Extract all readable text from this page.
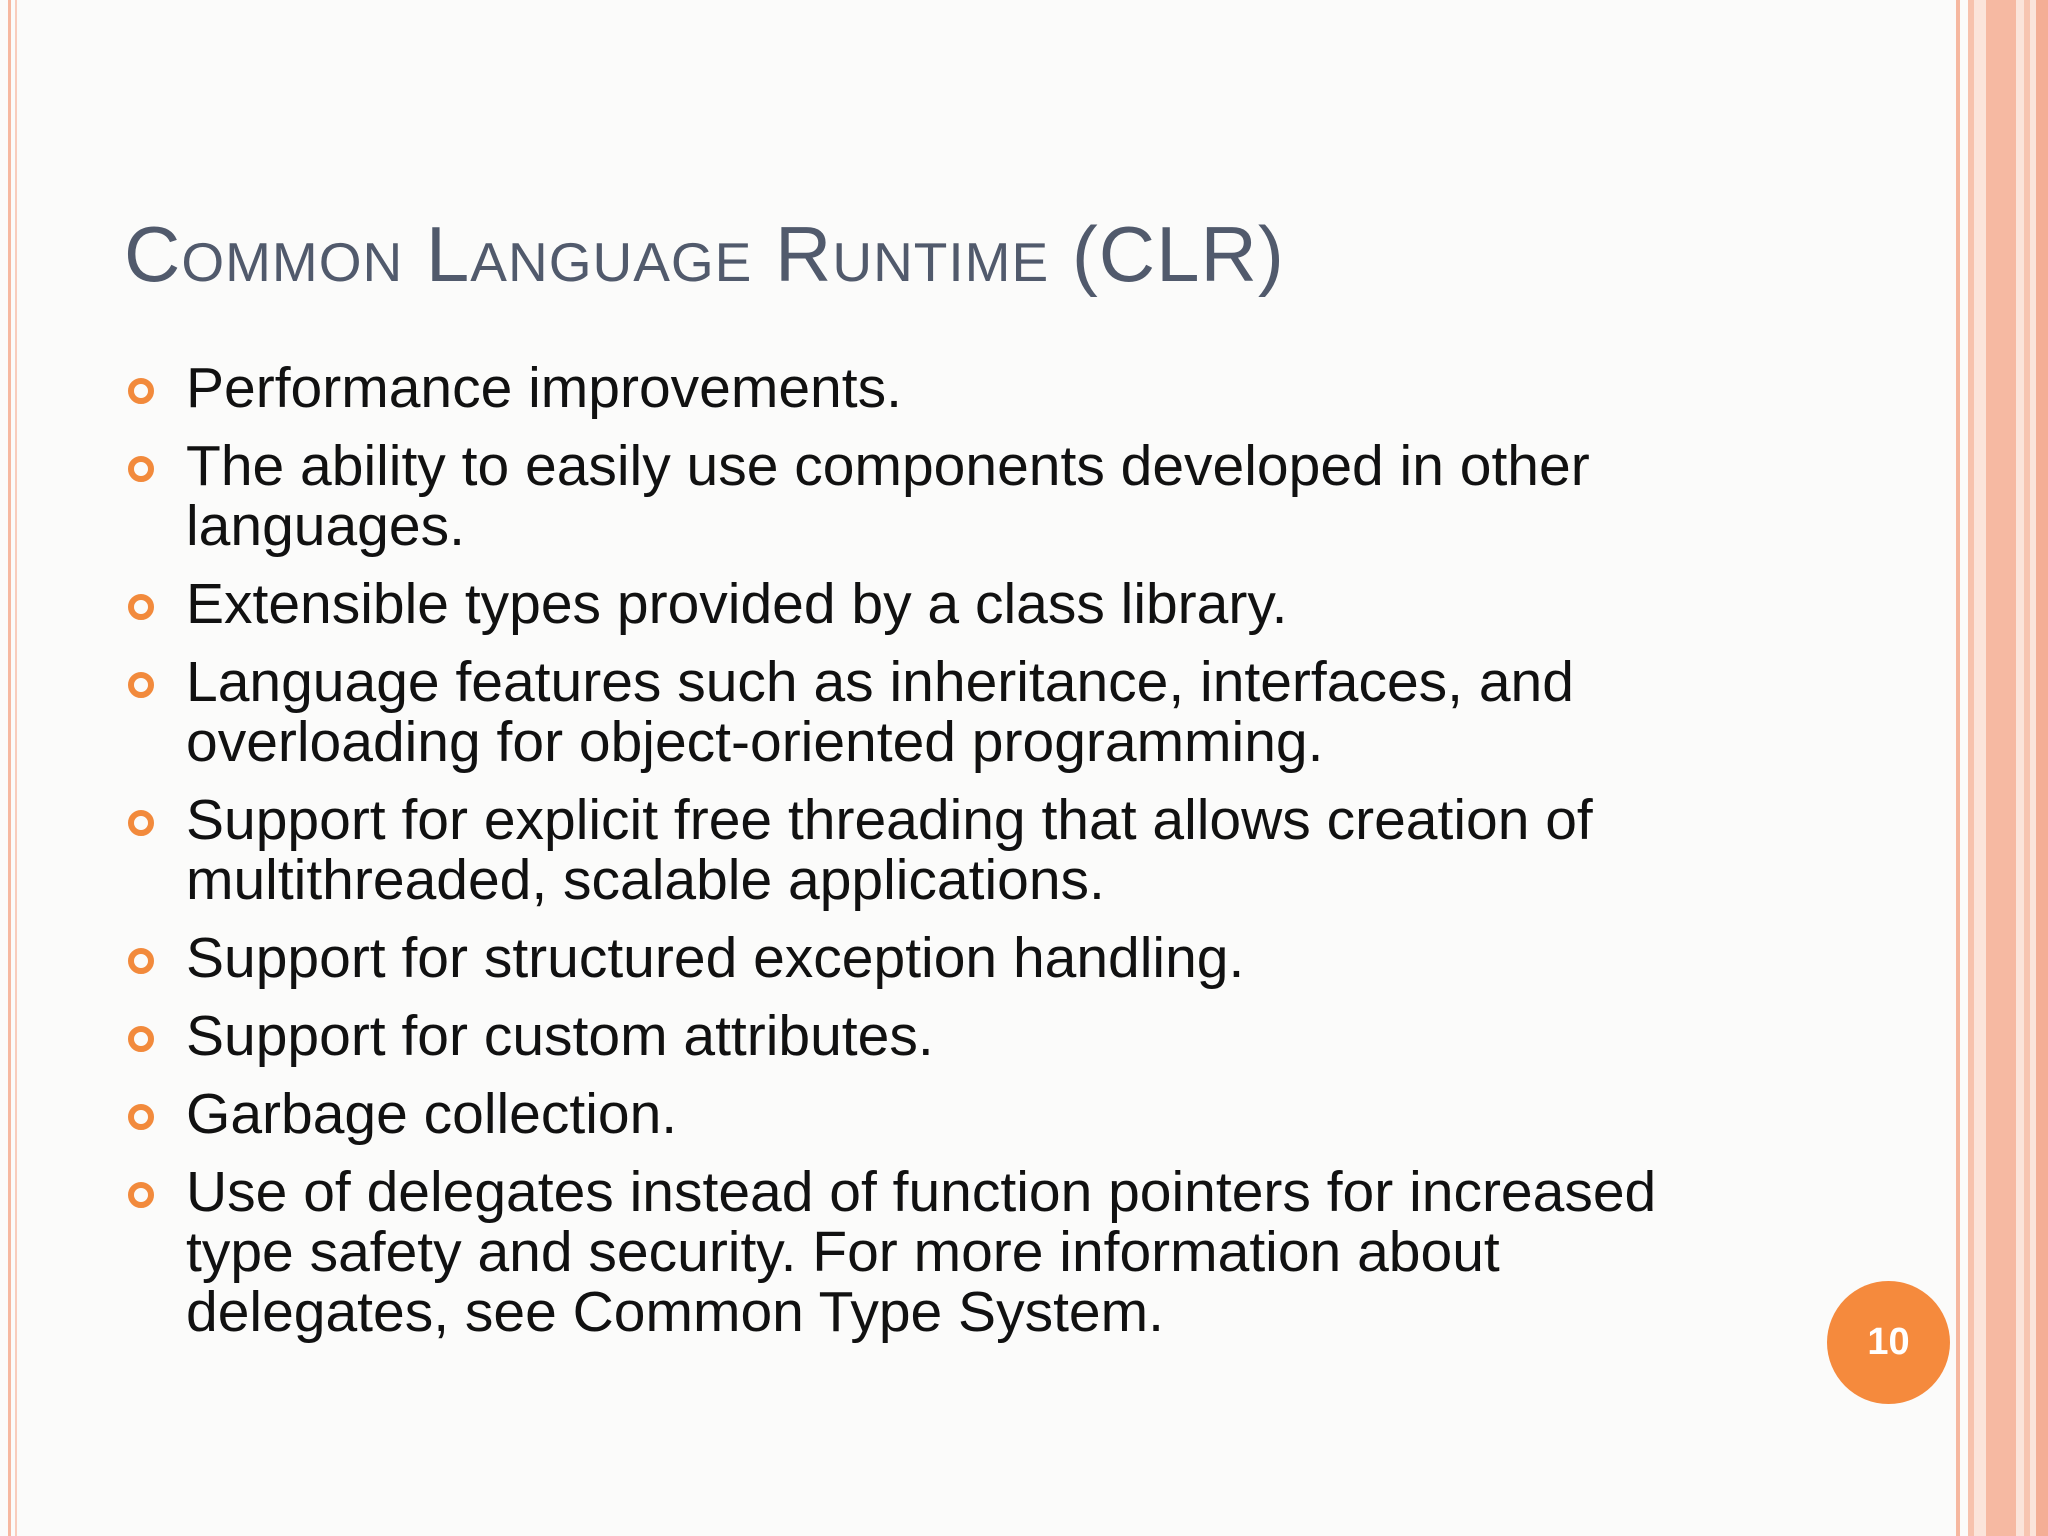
Common Language Runtime (CLR)
Performance improvements.
The ability to easily use components developed in other languages.
Extensible types provided by a class library.
Language features such as inheritance, interfaces, and overloading for object-oriented programming.
Support for explicit free threading that allows creation of multithreaded, scalable applications.
Support for structured exception handling.
Support for custom attributes.
Garbage collection.
Use of delegates instead of function pointers for increased type safety and security. For more information about delegates, see Common Type System.	10
